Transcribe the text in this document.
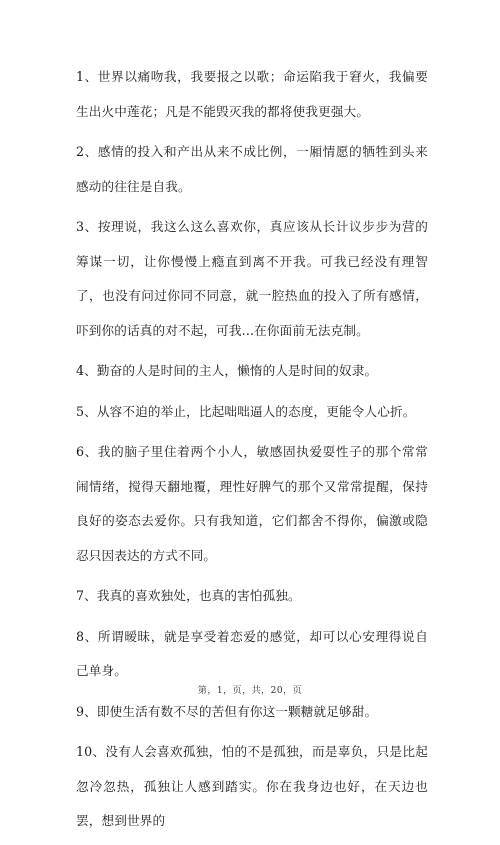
1、世界以痛吻我，我要报之以歌；命运陷我于窘火，我偏要生出火中莲花；凡是不能毁灭我的都将使我更强大。

2、感情的投入和产出从来不成比例，一厢情愿的牺牲到头来感动的往往是自我。

3、按理说，我这么这么喜欢你，真应该从长计议步步为营的筹谋一切，让你慢慢上瘾直到离不开我。可我已经没有理智了，也没有问过你同不同意，就一腔热血的投入了所有感情，吓到你的话真的对不起，可我...在你面前无法克制。

4、勤奋的人是时间的主人，懒惰的人是时间的奴隶。

5、从容不迫的举止，比起咄咄逼人的态度，更能令人心折。

6、我的脑子里住着两个小人，敏感固执爱耍性子的那个常常闹情绪，搅得天翻地覆，理性好脾气的那个又常常提醒，保持良好的姿态去爱你。只有我知道，它们都舍不得你，偏激或隐忍只因表达的方式不同。

7、我真的喜欢独处，也真的害怕孤独。

8、所谓暧昧，就是享受着恋爱的感觉，却可以心安理得说自己单身。

9、即使生活有数不尽的苦但有你这一颗糖就足够甜。

10、没有人会喜欢孤独，怕的不是孤独，而是辜负，只是比起忽冷忽热，孤独让人感到踏实。你在我身边也好，在天边也罢，想到世界的

第，1，页，共，20，页
